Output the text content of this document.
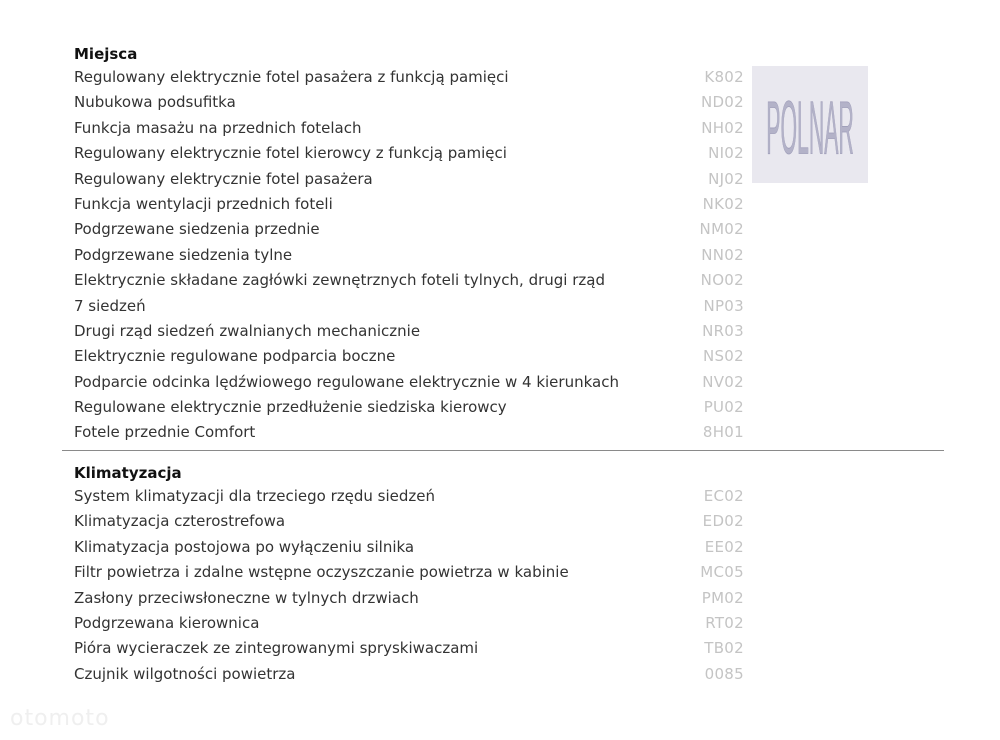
Miejsca
Regulowany elektrycznie fotel pasażera z funkcją pamięci	K802
Nubukowa podsufitka	ND02
Funkcja masażu na przednich fotelach	NH02
Regulowany elektrycznie fotel kierowcy z funkcją pamięci	NI02
Regulowany elektrycznie fotel pasażera	NJ02
Funkcja wentylacji przednich foteli	NK02
Podgrzewane siedzenia przednie	NM02
Podgrzewane siedzenia tylne	NN02
Elektrycznie składane zagłówki zewnętrznych foteli tylnych, drugi rząd	NO02
7 siedzeń	NP03
Drugi rząd siedzeń zwalnianych mechanicznie	NR03
Elektrycznie regulowane podparcia boczne	NS02
Podparcie odcinka lędźwiowego regulowane elektrycznie w 4 kierunkach	NV02
Regulowane elektrycznie przedłużenie siedziska kierowcy	PU02
Fotele przednie Comfort	8H01
POLNAR
Klimatyzacja
System klimatyzacji dla trzeciego rzędu siedzeń	EC02
Klimatyzacja czterostrefowa	ED02
Klimatyzacja postojowa po wyłączeniu silnika	EE02
Filtr powietrza i zdalne wstępne oczyszczanie powietrza w kabinie	MC05
Zasłony przeciwsłoneczne w tylnych drzwiach	PM02
Podgrzewana kierownica	RT02
Pióra wycieraczek ze zintegrowanymi spryskiwaczami	TB02
Czujnik wilgotności powietrza	0085
otomoto
